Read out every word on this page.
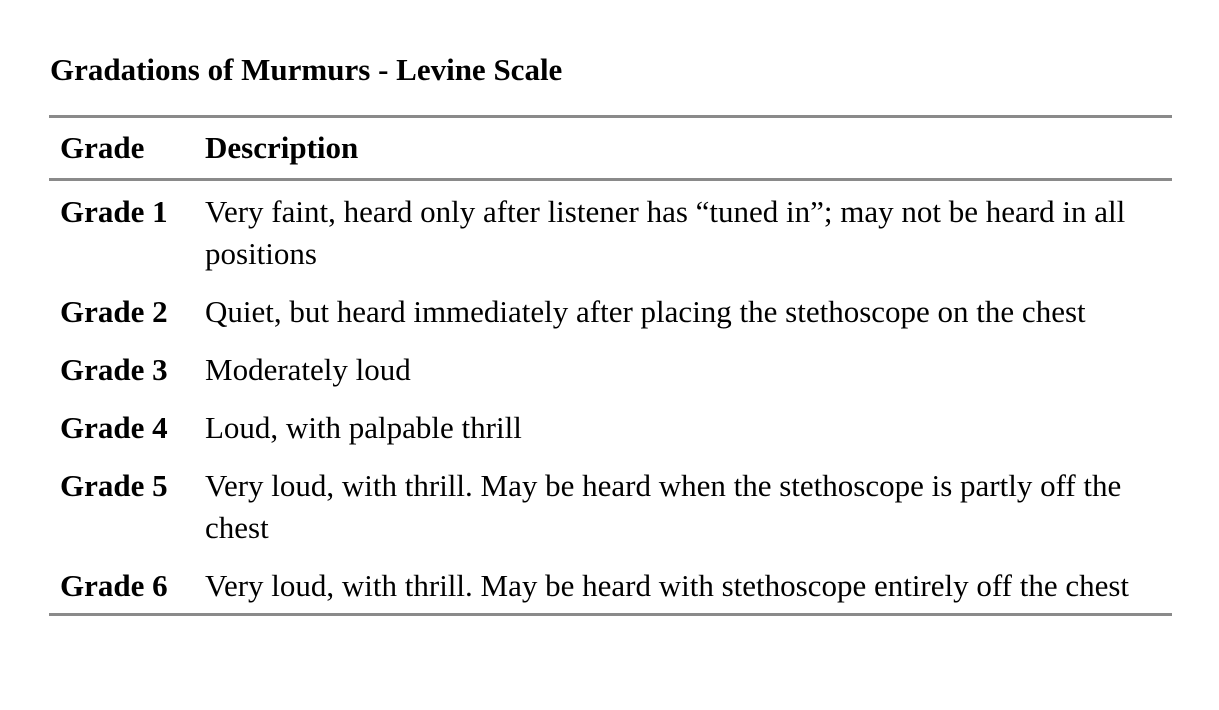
Gradations of Murmurs - Levine Scale
Grade	Description
Grade 1	Very faint, heard only after listener has “tuned in”; may not be heard in all positions
Grade 2	Quiet, but heard immediately after placing the stethoscope on the chest
Grade 3	Moderately loud
Grade 4	Loud, with palpable thrill
Grade 5	Very loud, with thrill. May be heard when the stethoscope is partly off the chest
Grade 6	Very loud, with thrill. May be heard with stethoscope entirely off the chest
